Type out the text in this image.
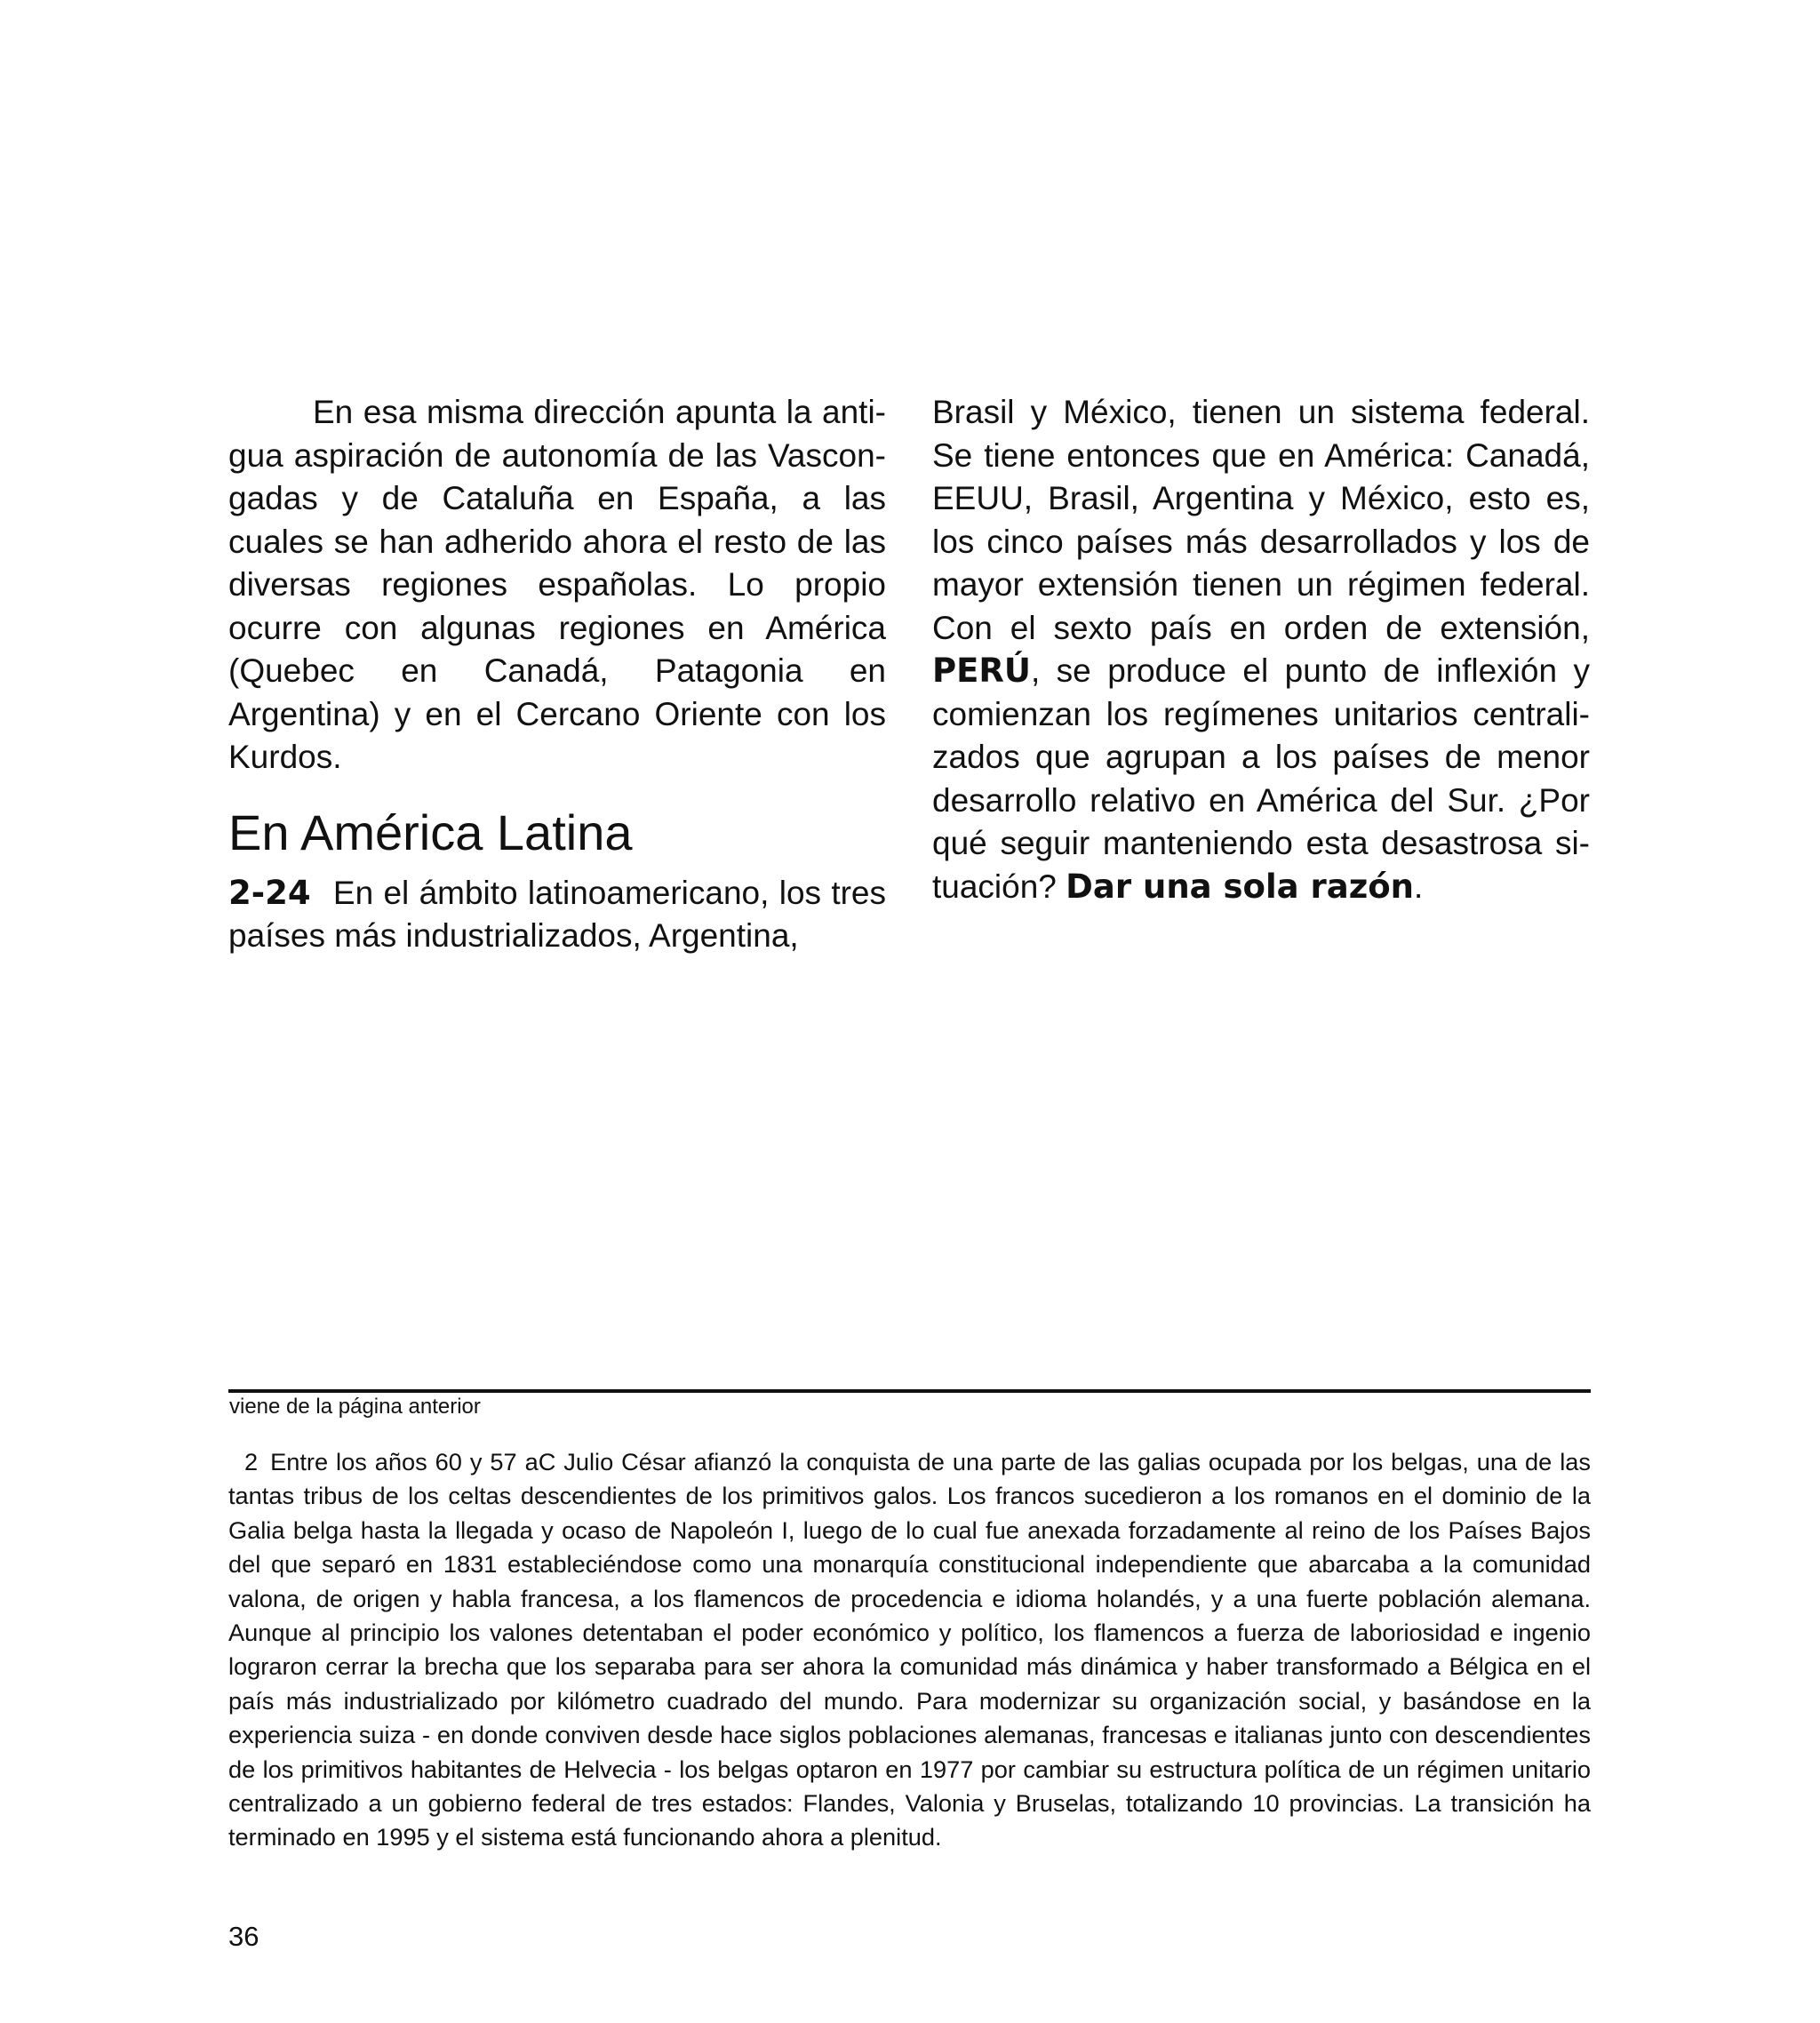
En esa misma dirección apunta la antigua aspiración de autonomía de las Vascongadas y de Cataluña en España, a las cuales se han adherido ahora el resto de las diversas regiones españolas. Lo propio ocurre con algunas regiones en América (Quebec en Canadá, Patagonia en Argentina) y en el Cercano Oriente con los Kurdos.

En América Latina

2-24 En el ámbito latinoamericano, los tres países más industrializados, Argentina,

Brasil y México, tienen un sistema federal. Se tiene entonces que en América: Canadá, EEUU, Brasil, Argentina y México, esto es, los cinco países más desarrollados y los de mayor extensión tienen un régimen federal. Con el sexto país en orden de extensión, PERÚ, se produce el punto de inflexión y comienzan los regímenes unitarios centralizados que agrupan a los países de menor desarrollo relativo en América del Sur. ¿Por qué seguir manteniendo esta desastrosa situación? Dar una sola razón.

viene de la página anterior

2 Entre los años 60 y 57 aC Julio César afianzó la conquista de una parte de las galias ocupada por los belgas, una de las tantas tribus de los celtas descendientes de los primitivos galos. Los francos sucedieron a los romanos en el dominio de la Galia belga hasta la llegada y ocaso de Napoleón I, luego de lo cual fue anexada forzadamente al reino de los Países Bajos del que separó en 1831 estableciéndose como una monarquía constitucional independiente que abarcaba a la comunidad valona, de origen y habla francesa, a los flamencos de procedencia e idioma holandés, y a una fuerte población alemana. Aunque al principio los valones detentaban el poder económico y político, los flamencos a fuerza de laboriosidad e ingenio lograron cerrar la brecha que los separaba para ser ahora la comunidad más dinámica y haber transformado a Bélgica en el país más industrializado por kilómetro cuadrado del mundo. Para modernizar su organización social, y basándose en la experiencia suiza - en donde conviven desde hace siglos poblaciones alemanas, francesas e italianas junto con descendientes de los primitivos habitantes de Helvecia - los belgas optaron en 1977 por cambiar su estructura política de un régimen unitario centralizado a un gobierno federal de tres estados: Flandes, Valonia y Bruselas, totalizando 10 provincias. La transición ha terminado en 1995 y el sistema está funcionando ahora a plenitud.

36
